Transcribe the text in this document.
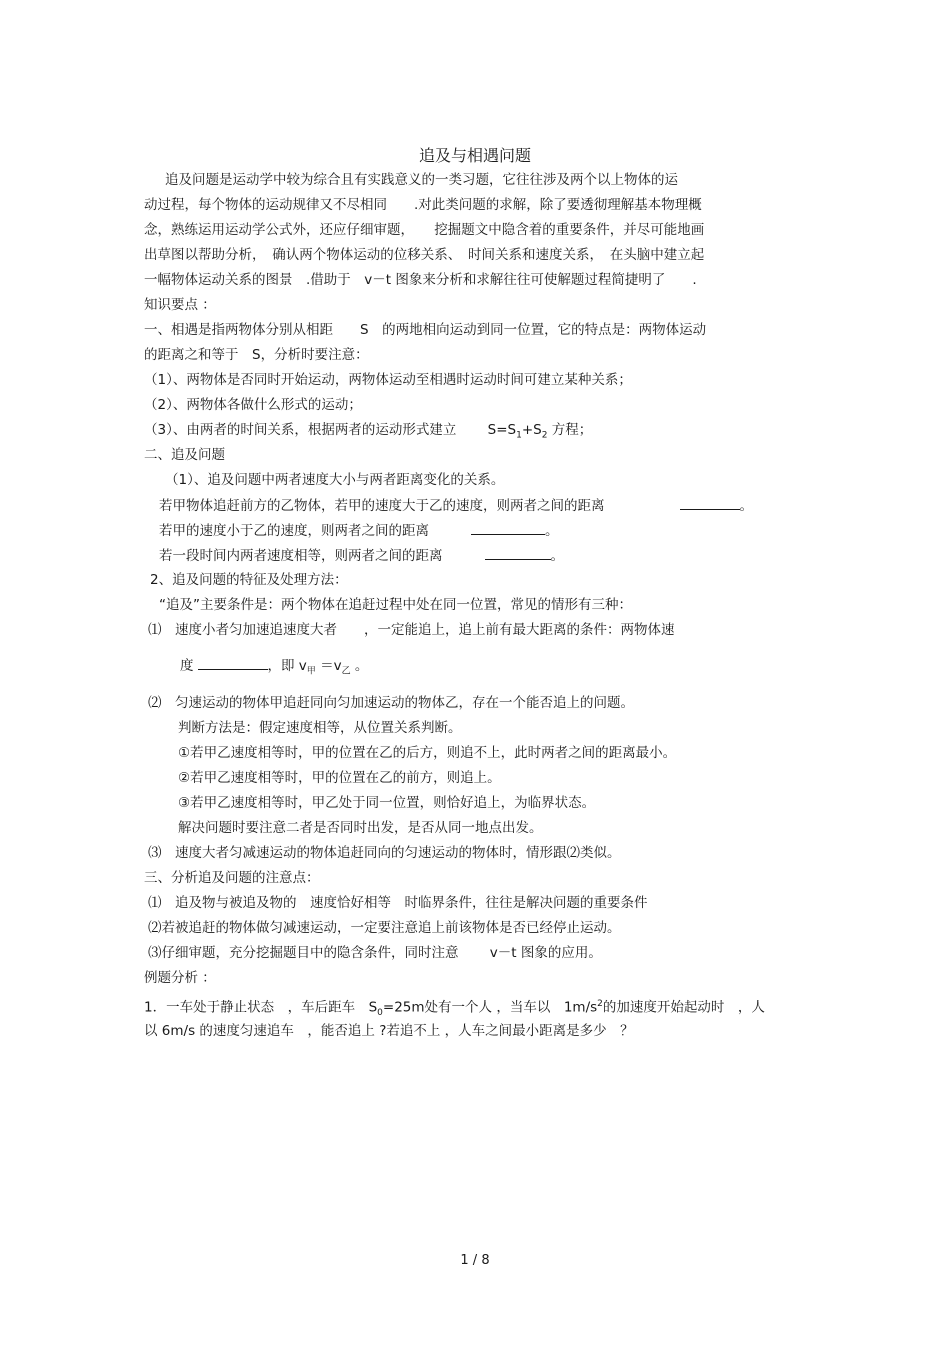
追及与相遇问题
追及问题是运动学中较为综合且有实践意义的一类习题，它往往涉及两个以上物体的运
动过程，每个物体的运动规律又不尽相同　　.对此类问题的求解，除了要透彻理解基本物理概
念，熟练运用运动学公式外，还应仔细审题，　　挖掘题文中隐含着的重要条件，并尽可能地画
出草图以帮助分析，　确认两个物体运动的位移关系、　时间关系和速度关系，　在头脑中建立起
一幅物体运动关系的图景　.借助于　v－t 图象来分析和求解往往可使解题过程简捷明了　　.
知识要点 ：
一、相遇是指两物体分别从相距　　S　的两地相向运动到同一位置，它的特点是：两物体运动
的距离之和等于　S，分析时要注意：
（1）、两物体是否同时开始运动，两物体运动至相遇时运动时间可建立某种关系；
（2）、两物体各做什么形式的运动；
（3）、由两者的时间关系，根据两者的运动形式建立　　 $S=S_1+S_2$ 方程；
二、追及问题
（1）、追及问题中两者速度大小与两者距离变化的关系。
若甲物体追赶前方的乙物体，若甲的速度大于乙的速度，则两者之间的距离	。
若甲的速度小于乙的速度，则两者之间的距离	。
若一段时间内两者速度相等，则两者之间的距离	。
2、追及问题的特征及处理方法：
“追及”主要条件是：两个物体在追赶过程中处在同一位置，常见的情形有三种：
⑴　速度小者匀加速追速度大者　　，一定能追上，追上前有最大距离的条件：两物体速
度	，即 $v_甲 =v_乙$ 。
⑵　匀速运动的物体甲追赶同向匀加速运动的物体乙，存在一个能否追上的问题。
判断方法是：假定速度相等，从位置关系判断。
①若甲乙速度相等时，甲的位置在乙的后方，则追不上，此时两者之间的距离最小。
②若甲乙速度相等时，甲的位置在乙的前方，则追上。
③若甲乙速度相等时，甲乙处于同一位置，则恰好追上，为临界状态。
解决问题时要注意二者是否同时出发，是否从同一地点出发。
⑶　速度大者匀减速运动的物体追赶同向的匀速运动的物体时，情形跟⑵类似。
三、分析追及问题的注意点：
⑴　追及物与被追及物的　速度恰好相等　时临界条件，往往是解决问题的重要条件
⑵若被追赶的物体做匀减速运动，一定要注意追上前该物体是否已经停止运动。
⑶仔细审题，充分挖掘题目中的隐含条件，同时注意　　 v－t 图象的应用。
例题分析 ：
1．一车处于静止状态　，车后距车　$S_0=25m$处有一个人 ，当车以　$1m/s^2$的加速度开始起动时　，人
以 6m/s 的速度匀速追车　，能否追上 ?若追不上 ，人车之间最小距离是多少　？
1 / 8
